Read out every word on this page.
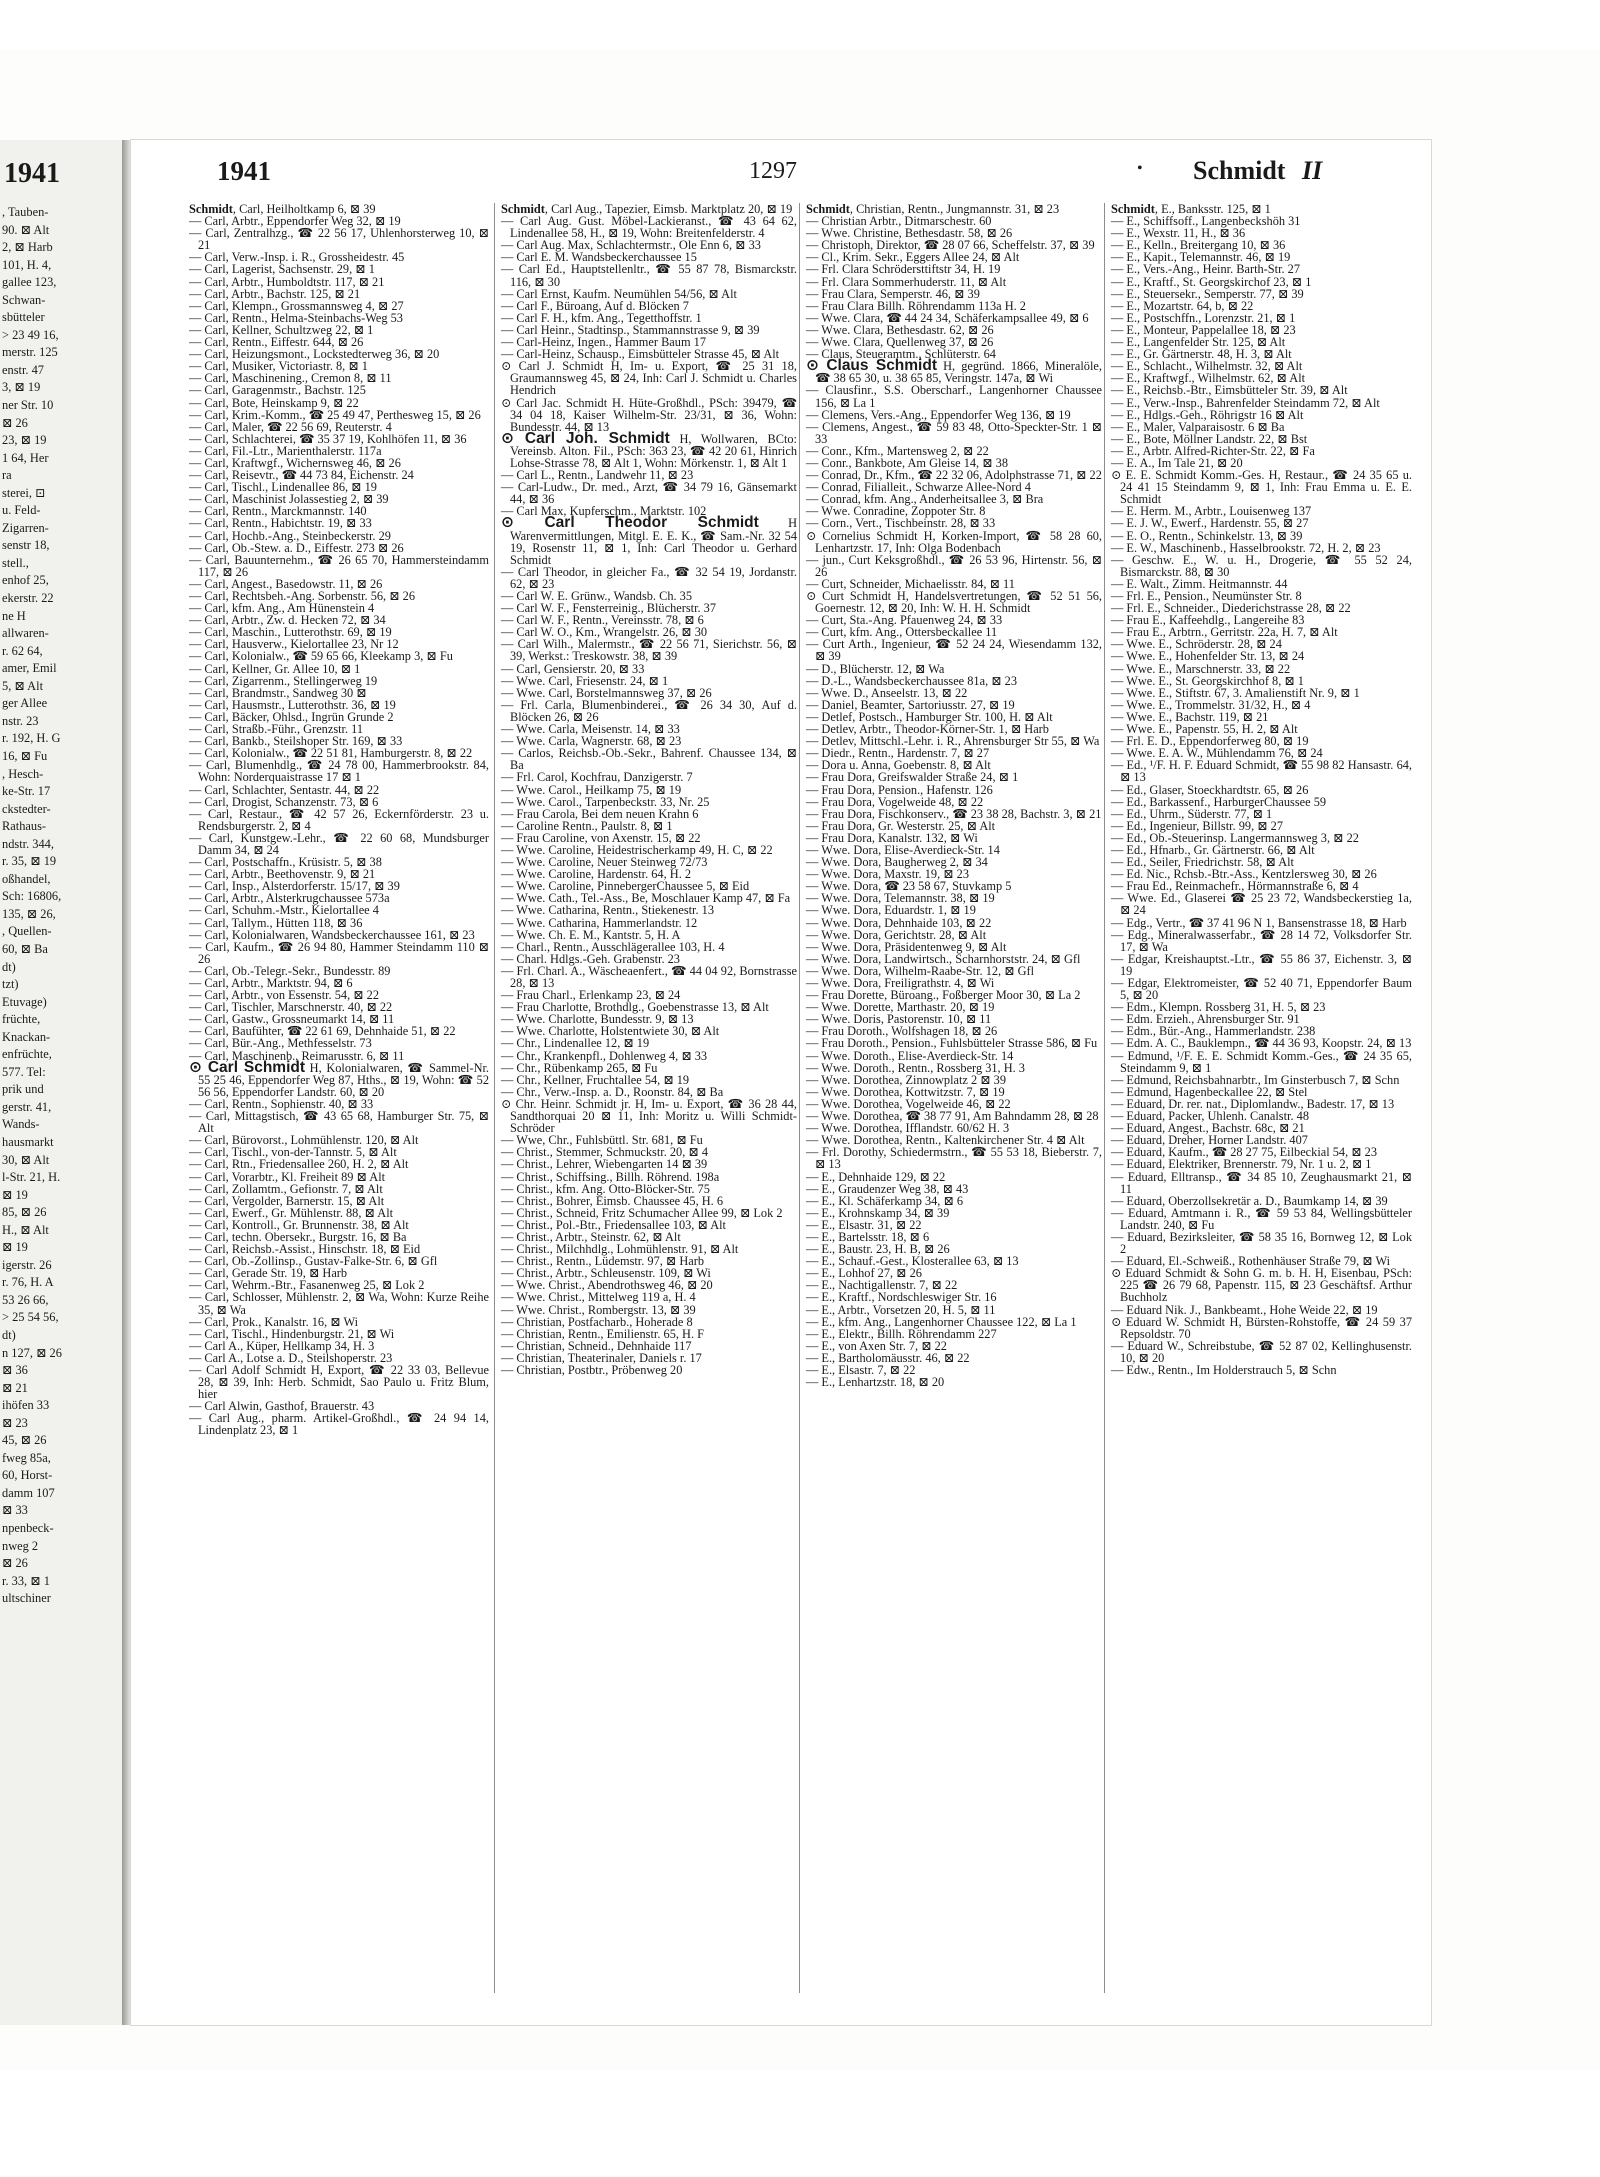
1941
, Tauben-
90. ⊠ Alt
2, ⊠ Harb
101, H. 4,
gallee 123,
Schwan-
sbütteler
> 23 49 16,
merstr. 125
enstr. 47
3, ⊠ 19
ner Str. 10
⊠ 26
23, ⊠ 19
1 64, Her
ra
sterei, ⊡
u. Feld-
Zigarren-
senstr 18,
stell.,
enhof 25,
ekerstr. 22
ne H
allwaren-
r. 62 64,
amer, Emil
5, ⊠ Alt
ger Allee
nstr. 23
r. 192, H. G
16, ⊠ Fu
, Hesch-
ke-Str. 17
ckstedter-
Rathaus-
ndstr. 344,
r. 35, ⊠ 19
oßhandel,
Sch: 16806,
135, ⊠ 26,
, Quellen-
60, ⊠ Ba
dt)
tzt)
Etuvage)
früchte,
Knackan-
enfrüchte,
577. Tel:
prik und
gerstr. 41,
Wands-
hausmarkt
30, ⊠ Alt
l-Str. 21, H.
⊠ 19
85, ⊠ 26
H., ⊠ Alt
⊠ 19
igerstr. 26
r. 76, H. A
53 26 66,
> 25 54 56,
dt)
n 127, ⊠ 26
⊠ 36
⊠ 21
ihöfen 33
⊠ 23
45, ⊠ 26
fweg 85a,
60, Horst-
damm 107
⊠ 33
npenbeck-
nweg 2
⊠ 26
r. 33, ⊠ 1
ultschiner
1941	1297	• Schmidt II

Schmidt, Carl, Heilholtkamp 6, ⊠ 39

— Carl, Arbtr., Eppendorfer Weg 32, ⊠ 19

— Carl, Zentralhzg., ☎ 22 56 17, Uhlenhorsterweg 10, ⊠ 21

— Carl, Verw.-Insp. i. R., Grossheidestr. 45

— Carl, Lagerist, Sachsenstr. 29, ⊠ 1

— Carl, Arbtr., Humboldtstr. 117, ⊠ 21

— Carl, Arbtr., Bachstr. 125, ⊠ 21

— Carl, Klempn., Grossmannsweg 4, ⊠ 27

— Carl, Rentn., Helma-Steinbachs-Weg 53

— Carl, Kellner, Schultzweg 22, ⊠ 1

— Carl, Rentn., Eiffestr. 644, ⊠ 26

— Carl, Heizungsmont., Lockstedterweg 36, ⊠ 20

— Carl, Musiker, Victoriastr. 8, ⊠ 1

— Carl, Maschinening., Cremon 8, ⊠ 11

— Carl, Garagenmstr., Bachstr. 125

— Carl, Bote, Heinskamp 9, ⊠ 22

— Carl, Krim.-Komm., ☎ 25 49 47, Perthesweg 15, ⊠ 26

— Carl, Maler, ☎ 22 56 69, Reuterstr. 4

— Carl, Schlachterei, ☎ 35 37 19, Kohlhöfen 11, ⊠ 36

— Carl, Fil.-Ltr., Marienthalerstr. 117a

— Carl, Kraftwgf., Wichernsweg 46, ⊠ 26

— Carl, Reisevtr., ☎ 44 73 84, Eichenstr. 24

— Carl, Tischl., Lindenallee 86, ⊠ 19

— Carl, Maschinist Jolassestieg 2, ⊠ 39

— Carl, Rentn., Marckmannstr. 140

— Carl, Rentn., Habichtstr. 19, ⊠ 33

— Carl, Hochb.-Ang., Steinbeckerstr. 29

— Carl, Ob.-Stew. a. D., Eiffestr. 273 ⊠ 26

— Carl, Bauunternehm., ☎ 26 65 70, Hammersteindamm 117, ⊠ 26

— Carl, Angest., Basedowstr. 11, ⊠ 26

— Carl, Rechtsbeh.-Ang. Sorbenstr. 56, ⊠ 26

— Carl, kfm. Ang., Am Hünenstein 4

— Carl, Arbtr., Zw. d. Hecken 72, ⊠ 34

— Carl, Maschin., Lutterothstr. 69, ⊠ 19

— Carl, Hausverw., Kielortallee 23, Nr 12

— Carl, Kolonialw., ☎ 59 65 66, Kleekamp 3, ⊠ Fu

— Carl, Kellner, Gr. Allee 10, ⊠ 1

— Carl, Zigarrenm., Stellingerweg 19

— Carl, Brandmstr., Sandweg 30 ⊠

— Carl, Hausmstr., Lutterothstr. 36, ⊠ 19

— Carl, Bäcker, Ohlsd., Ingrün Grunde 2

— Carl, Straßb.-Führ., Grenzstr. 11

— Carl, Bankb., Steilshoper Str. 169, ⊠ 33

— Carl, Kolonialw., ☎ 22 51 81, Hamburgerstr. 8, ⊠ 22

— Carl, Blumenhdlg., ☎ 24 78 00, Hammerbrookstr. 84, Wohn: Norderquaistrasse 17 ⊠ 1

— Carl, Schlachter, Sentastr. 44, ⊠ 22

— Carl, Drogist, Schanzenstr. 73, ⊠ 6

— Carl, Restaur., ☎ 42 57 26, Eckernförderstr. 23 u. Rendsburgerstr. 2, ⊠ 4

— Carl, Kunstgew.-Lehr., ☎ 22 60 68, Mundsburger Damm 34, ⊠ 24

— Carl, Postschaffn., Krüsistr. 5, ⊠ 38

— Carl, Arbtr., Beethovenstr. 9, ⊠ 21

— Carl, Insp., Alsterdorferstr. 15/17, ⊠ 39

— Carl, Arbtr., Alsterkrugchaussee 573a

— Carl, Schuhm.-Mstr., Kielortallee 4

— Carl, Tallym., Hütten 118, ⊠ 36

— Carl, Kolonialwaren, Wandsbeckerchaussee 161, ⊠ 23

— Carl, Kaufm., ☎ 26 94 80, Hammer Steindamm 110 ⊠ 26

— Carl, Ob.-Telegr.-Sekr., Bundesstr. 89

— Carl, Arbtr., Marktstr. 94, ⊠ 6

— Carl, Arbtr., von Essenstr. 54, ⊠ 22

— Carl, Tischler, Marschnerstr. 40, ⊠ 22

— Carl, Gastw., Grossneumarkt 14, ⊠ 11

— Carl, Baufühter, ☎ 22 61 69, Dehnhaide 51, ⊠ 22

— Carl, Bür.-Ang., Methfesselstr. 73

— Carl, Maschinenb., Reimarusstr. 6, ⊠ 11

⊙ Carl Schmidt H, Kolonialwaren, ☎ Sammel-Nr. 55 25 46, Eppendorfer Weg 87, Hths., ⊠ 19, Wohn: ☎ 52 56 56, Eppendorfer Landstr. 60, ⊠ 20

— Carl, Rentn., Sophienstr. 40, ⊠ 33

— Carl, Mittagstisch, ☎ 43 65 68, Hamburger Str. 75, ⊠ Alt

— Carl, Bürovorst., Lohmühlenstr. 120, ⊠ Alt

— Carl, Tischl., von-der-Tannstr. 5, ⊠ Alt

— Carl, Rtn., Friedensallee 260, H. 2, ⊠ Alt

— Carl, Vorarbtr., Kl. Freiheit 89 ⊠ Alt

— Carl, Zollamtm., Gefionstr. 7, ⊠ Alt

— Carl, Vergolder, Barnerstr. 15, ⊠ Alt

— Carl, Ewerf., Gr. Mühlenstr. 88, ⊠ Alt

— Carl, Kontroll., Gr. Brunnenstr. 38, ⊠ Alt

— Carl, techn. Obersekr., Burgstr. 16, ⊠ Ba

— Carl, Reichsb.-Assist., Hinschstr. 18, ⊠ Eid

— Carl, Ob.-Zollinsp., Gustav-Falke-Str. 6, ⊠ Gfl

— Carl, Gerade Str. 19, ⊠ Harb

— Carl, Wehrm.-Btr., Fasanenweg 25, ⊠ Lok 2

— Carl, Schlosser, Mühlenstr. 2, ⊠ Wa, Wohn: Kurze Reihe 35, ⊠ Wa

— Carl, Prok., Kanalstr. 16, ⊠ Wi

— Carl, Tischl., Hindenburgstr. 21, ⊠ Wi

— Carl A., Küper, Hellkamp 34, H. 3

— Carl A., Lotse a. D., Steilshoperstr. 23

— Carl Adolf Schmidt H, Export, ☎ 22 33 03, Bellevue 28, ⊠ 39, Inh: Herb. Schmidt, Sao Paulo u. Fritz Blum, hier

— Carl Alwin, Gasthof, Brauerstr. 43

— Carl Aug., pharm. Artikel-Großhdl., ☎ 24 94 14, Lindenplatz 23, ⊠ 1

Schmidt, Carl Aug., Tapezier, Eimsb. Marktplatz 20, ⊠ 19

— Carl Aug. Gust. Möbel-Lackieranst., ☎ 43 64 62, Lindenallee 58, H., ⊠ 19, Wohn: Breitenfelderstr. 4

— Carl Aug. Max, Schlachtermstr., Ole Enn 6, ⊠ 33

— Carl E. M. Wandsbeckerchaussee 15

— Carl Ed., Hauptstellenltr., ☎ 55 87 78, Bismarckstr. 116, ⊠ 30

— Carl Ernst, Kaufm. Neumühlen 54/56, ⊠ Alt

— Carl F., Büroang, Auf d. Blöcken 7

— Carl F. H., kfm. Ang., Tegetthoffstr. 1

— Carl Heinr., Stadtinsp., Stammannstrasse 9, ⊠ 39

— Carl-Heinz, Ingen., Hammer Baum 17

— Carl-Heinz, Schausp., Eimsbütteler Strasse 45, ⊠ Alt

⊙ Carl J. Schmidt H, Im- u. Export, ☎ 25 31 18, Graumannsweg 45, ⊠ 24, Inh: Carl J. Schmidt u. Charles Hendrich

⊙ Carl Jac. Schmidt H. Hüte-Großhdl., PSch: 39479, ☎ 34 04 18, Kaiser Wilhelm-Str. 23/31, ⊠ 36, Wohn: Bundesstr. 44, ⊠ 13

⊙ Carl Joh. Schmidt H, Wollwaren, BCto: Vereinsb. Alton. Fil., PSch: 363 23, ☎ 42 20 61, Hinrich Lohse-Strasse 78, ⊠ Alt 1, Wohn: Mörkenstr. 1, ⊠ Alt 1

— Carl L., Rentn., Landwehr 11, ⊠ 23

— Carl-Ludw., Dr. med., Arzt, ☎ 34 79 16, Gänsemarkt 44, ⊠ 36

— Carl Max, Kupferschm., Marktstr. 102

⊙ Carl Theodor Schmidt H Warenvermittlungen, Mitgl. E. E. K., ☎ Sam.-Nr. 32 54 19, Rosenstr 11, ⊠ 1, Inh: Carl Theodor u. Gerhard Schmidt

— Carl Theodor, in gleicher Fa., ☎ 32 54 19, Jordanstr. 62, ⊠ 23

— Carl W. E. Grünw., Wandsb. Ch. 35

— Carl W. F., Fensterreinig., Blücherstr. 37

— Carl W. F., Rentn., Vereinsstr. 78, ⊠ 6

— Carl W. O., Km., Wrangelstr. 26, ⊠ 30

— Carl Wilh., Malermstr., ☎ 22 56 71, Sierichstr. 56, ⊠ 39, Werkst.: Treskowstr. 38, ⊠ 39

— Carl, Gensierstr. 20, ⊠ 33

— Wwe. Carl, Friesenstr. 24, ⊠ 1

— Wwe. Carl, Borstelmannsweg 37, ⊠ 26

— Frl. Carla, Blumenbindereі., ☎ 26 34 30, Auf d. Blöcken 26, ⊠ 26

— Wwe. Carla, Meisenstr. 14, ⊠ 33

— Wwe. Carla, Wagnerstr. 68, ⊠ 23

— Carlos, Reichsb.-Ob.-Sekr., Bahrenf. Chaussee 134, ⊠ Ba

— Frl. Carol, Kochfrau, Danzigerstr. 7

— Wwe. Carol., Heilkamp 75, ⊠ 19

— Wwe. Carol., Tarpenbeckstr. 33, Nr. 25

— Frau Carola, Bei dem neuen Krahn 6

— Caroline Rentn., Paulstr. 8, ⊠ 1

— Frau Caroline, von Axenstr. 15, ⊠ 22

— Wwe. Caroline, Heidestrischerkamp 49, H. C, ⊠ 22

— Wwe. Caroline, Neuer Steinweg 72/73

— Wwe. Caroline, Hardenstr. 64, H. 2

— Wwe. Caroline, PinnebergerChaussee 5, ⊠ Eid

— Wwe. Cath., Tel.-Ass., Be, Moschlauer Kamp 47, ⊠ Fa

— Wwe. Catharina, Rentn., Stiekenestr. 13

— Wwe. Catharina, Hammerlandstr. 12

— Wwe. Ch. E. M., Kantstr. 5, H. A

— Charl., Rentn., Ausschlägerallee 103, H. 4

— Charl. Hdlgs.-Geh. Grabenstr. 23

— Frl. Charl. A., Wäscheaenfert., ☎ 44 04 92, Bornstrasse 28, ⊠ 13

— Frau Charl., Erlenkamp 23, ⊠ 24

— Frau Charlotte, Brothdlg., Goebenstrasse 13, ⊠ Alt

— Wwe. Charlotte, Bundesstr. 9, ⊠ 13

— Wwe. Charlotte, Holstentwiete 30, ⊠ Alt

— Chr., Lindenallee 12, ⊠ 19

— Chr., Krankenpfl., Dohlenweg 4, ⊠ 33

— Chr., Rübenkamp 265, ⊠ Fu

— Chr., Kellner, Fruchtallee 54, ⊠ 19

— Chr., Verw.-Insp. a. D., Roonstr. 84, ⊠ Ba

⊙ Chr. Heinr. Schmidt jr. H, Im- u. Export, ☎ 36 28 44, Sandthorquai 20 ⊠ 11, Inh: Moritz u. Willi Schmidt-Schröder

— Wwe, Chr., Fuhlsbüttl. Str. 681, ⊠ Fu

— Christ., Stemmer, Schmuckstr. 20, ⊠ 4

— Christ., Lehrer, Wiebengarten 14 ⊠ 39

— Christ., Schiffsing., Billh. Röhrend. 198a

— Christ., kfm. Ang. Otto-Blöcker-Str. 75

— Christ., Bohrer, Eimsb. Chaussee 45, H. 6

— Christ., Schneid, Fritz Schumacher Allee 99, ⊠ Lok 2

— Christ., Pol.-Btr., Friedensallee 103, ⊠ Alt

— Christ., Arbtr., Steinstr. 62, ⊠ Alt

— Christ., Milchhdlg., Lohmühlenstr. 91, ⊠ Alt

— Christ., Rentn., Lüdemstr. 97, ⊠ Harb

— Christ., Arbtr., Schleusenstr. 109, ⊠ Wi

— Wwe. Christ., Abendrothsweg 46, ⊠ 20

— Wwe. Christ., Mittelweg 119 a, H. 4

— Wwe. Christ., Rombergstr. 13, ⊠ 39

— Christian, Postfacharb., Hoherade 8

— Christian, Rentn., Emilienstr. 65, H. F

— Christian, Schneid., Dehnhaide 117

— Christian, Theaterinaler, Daniels r. 17

— Christian, Postbtr., Pröbenweg 20

Schmidt, Christian, Rentn., Jungmannstr. 31, ⊠ 23

— Christian Arbtr., Ditmarschestr. 60

— Wwe. Christine, Bethesdastr. 58, ⊠ 26

— Christoph, Direktor, ☎ 28 07 66, Scheffelstr. 37, ⊠ 39

— Cl., Krim. Sekr., Eggers Allee 24, ⊠ Alt

— Frl. Clara Schrödersttiftstr 34, H. 19

— Frl. Clara Sommerhuderstr. 11, ⊠ Alt

— Frau Clara, Semperstr. 46, ⊠ 39

— Frau Clara Billh. Röhrendamm 113a H. 2

— Wwe. Clara, ☎ 44 24 34, Schäferkampsallee 49, ⊠ 6

— Wwe. Clara, Bethesdastr. 62, ⊠ 26

— Wwe. Clara, Quellenweg 37, ⊠ 26

— Claus, Steueramtm., Schlüterstr. 64

⊙ Claus Schmidt H, gegründ. 1866, Mineralöle, ☎ 38 65 30, u. 38 65 85, Veringstr. 147a, ⊠ Wi

— Clausfinr., S.S. Oberscharf., Langenhorner Chaussee 156, ⊠ La 1

— Clemens, Vers.-Ang., Eppendorfer Weg 136, ⊠ 19

— Clemens, Angest., ☎ 59 83 48, Otto-Speckter-Str. 1 ⊠ 33

— Conr., Kfm., Martensweg 2, ⊠ 22

— Conr., Bankbote, Am Gleise 14, ⊠ 38

— Conrad, Dr., Kfm., ☎ 22 32 06, Adolphstrasse 71, ⊠ 22

— Conrad, Filialleit., Schwarze Allee-Nord 4

— Conrad, kfm. Ang., Anderheitsallee 3, ⊠ Bra

— Wwe. Conradine, Zoppoter Str. 8

— Corn., Vert., Tischbeinstr. 28, ⊠ 33

⊙ Cornelius Schmidt H, Korken-Import, ☎ 58 28 60, Lenhartzstr. 17, Inh: Olga Bodenbach

— jun., Curt Keksgroßhdl., ☎ 26 53 96, Hirtenstr. 56, ⊠ 26

— Curt, Schneider, Michaelisstr. 84, ⊠ 11

⊙ Curt Schmidt H, Handelsvertretungen, ☎ 52 51 56, Goernestr. 12, ⊠ 20, Inh: W. H. H. Schmidt

— Curt, Sta.-Ang. Pfauenweg 24, ⊠ 33

— Curt, kfm. Ang., Ottersbeckallee 11

— Curt Arth., Ingenieur, ☎ 52 24 24, Wiesendamm 132, ⊠ 39

— D., Blücherstr. 12, ⊠ Wa

— D.-L., Wandsbeckerchaussee 81a, ⊠ 23

— Wwe. D., Anseelstr. 13, ⊠ 22

— Daniel, Beamter, Sartoriusstr. 27, ⊠ 19

— Detlef, Postsch., Hamburger Str. 100, H. ⊠ Alt

— Detlev, Arbtr., Theodor-Körner-Str. 1, ⊠ Harb

— Detlev, Mittschl.-Lehr. i. R., Ahrensburger Str 55, ⊠ Wa

— Diedr., Rentn., Hardenstr. 7, ⊠ 27

— Dora u. Anna, Goebenstr. 8, ⊠ Alt

— Frau Dora, Greifswalder Straße 24, ⊠ 1

— Frau Dora, Pension., Hafenstr. 126

— Frau Dora, Vogelweide 48, ⊠ 22

— Frau Dora, Fischkonserv., ☎ 23 38 28, Bachstr. 3, ⊠ 21

— Frau Dora, Gr. Westerstr. 25, ⊠ Alt

— Frau Dora, Kanalstr. 132, ⊠ Wi

— Wwe. Dora, Elise-Averdieck-Str. 14

— Wwe. Dora, Baugherweg 2, ⊠ 34

— Wwe. Dora, Maxstr. 19, ⊠ 23

— Wwe. Dora, ☎ 23 58 67, Stuvkamp 5

— Wwe. Dora, Telemannstr. 38, ⊠ 19

— Wwe. Dora, Eduardstr. 1, ⊠ 19

— Wwe. Dora, Dehnhaide 103, ⊠ 22

— Wwe. Dora, Gerichtstr. 28, ⊠ Alt

— Wwe. Dora, Präsidentenweg 9, ⊠ Alt

— Wwe. Dora, Landwirtsch., Scharnhorststr. 24, ⊠ Gfl

— Wwe. Dora, Wilhelm-Raabe-Str. 12, ⊠ Gfl

— Wwe. Dora, Freiligrathstr. 4, ⊠ Wi

— Frau Dorette, Büroang., Foßberger Moor 30, ⊠ La 2

— Wwe. Dorette, Marthastr. 20, ⊠ 19

— Wwe. Doris, Pastorenstr. 10, ⊠ 11

— Frau Doroth., Wolfshagen 18, ⊠ 26

— Frau Doroth., Pension., Fuhlsbütteler Strasse 586, ⊠ Fu

— Wwe. Doroth., Elise-Averdieck-Str. 14

— Wwe. Doroth., Rentn., Rossberg 31, H. 3

— Wwe. Dorothea, Zinnowplatz 2 ⊠ 39

— Wwe. Dorothea, Kottwitzstr. 7, ⊠ 19

— Wwe. Dorothea, Vogelweide 46, ⊠ 22

— Wwe. Dorothea, ☎ 38 77 91, Am Bahndamm 28, ⊠ 28

— Wwe. Dorothea, Ifflandstr. 60/62 H. 3

— Wwe. Dorothea, Rentn., Kaltenkirchener Str. 4 ⊠ Alt

— Frl. Dorothy, Schiedermstrn., ☎ 55 53 18, Bieberstr. 7, ⊠ 13

— E., Dehnhaide 129, ⊠ 22

— E., Graudenzer Weg 38, ⊠ 43

— E., Kl. Schäferkamp 34, ⊠ 6

— E., Krohnskamp 34, ⊠ 39

— E., Elsastr. 31, ⊠ 22

— E., Bartelsstr. 18, ⊠ 6

— E., Baustr. 23, H. B, ⊠ 26

— E., Schauf.-Gest., Klosterallee 63, ⊠ 13

— E., Lohhof 27, ⊠ 26

— E., Nachtigallenstr. 7, ⊠ 22

— E., Kraftf., Nordschleswiger Str. 16

— E., Arbtr., Vorsetzen 20, H. 5, ⊠ 11

— E., kfm. Ang., Langenhorner Chaussee 122, ⊠ La 1

— E., Elektr., Billh. Röhrendamm 227

— E., von Axen Str. 7, ⊠ 22

— E., Bartholomäusstr. 46, ⊠ 22

— E., Elsastr. 7, ⊠ 22

— E., Lenhartzstr. 18, ⊠ 20

Schmidt, E., Banksstr. 125, ⊠ 1

— E., Schiffsoff., Langenbeckshöh 31

— E., Wexstr. 11, H., ⊠ 36

— E., Kelln., Breitergang 10, ⊠ 36

— E., Kapit., Telemannstr. 46, ⊠ 19

— E., Vers.-Ang., Heinr. Barth-Str. 27

— E., Kraftf., St. Georgskirchof 23, ⊠ 1

— E., Steuersekr., Semperstr. 77, ⊠ 39

— E., Mozartstr. 64, b, ⊠ 22

— E., Postschffn., Lorenzstr. 21, ⊠ 1

— E., Monteur, Pappelallee 18, ⊠ 23

— E., Langenfelder Str. 125, ⊠ Alt

— E., Gr. Gärtnerstr. 48, H. 3, ⊠ Alt

— E., Schlacht., Wilhelmstr. 32, ⊠ Alt

— E., Kraftwgf., Wilhelmstr. 62, ⊠ Alt

— E., Reichsb.-Btr., Eimsbütteler Str. 39, ⊠ Alt

— E., Verw.-Insp., Bahrenfelder Steindamm 72, ⊠ Alt

— E., Hdlgs.-Geh., Röhrigstr 16 ⊠ Alt

— E., Maler, Valparaisostr. 6 ⊠ Ba

— E., Bote, Möllner Landstr. 22, ⊠ Bst

— E., Arbtr. Alfred-Richter-Str. 22, ⊠ Fa

— E. A., Im Tale 21, ⊠ 20

⊙ E. E. Schmidt Komm.-Ges. H, Restaur., ☎ 24 35 65 u. 24 41 15 Steindamm 9, ⊠ 1, Inh: Frau Emma u. E. E. Schmidt

— E. Herm. M., Arbtr., Louisenweg 137

— E. J. W., Ewerf., Hardenstr. 55, ⊠ 27

— E. O., Rentn., Schinkelstr. 13, ⊠ 39

— E. W., Maschinenb., Hasselbrookstr. 72, H. 2, ⊠ 23

— Geschw. E., W. u. H., Drogerie, ☎ 55 52 24, Bismarckstr. 88, ⊠ 30

— E. Walt., Zimm. Heitmannstr. 44

— Frl. E., Pension., Neumünster Str. 8

— Frl. E., Schneider., Diederichstrasse 28, ⊠ 22

— Frau E., Kaffeehdlg., Langereihe 83

— Frau E., Arbtrn., Gerritstr. 22a, H. 7, ⊠ Alt

— Wwe. E., Schröderstr. 28, ⊠ 24

— Wwe. E., Hohenfelder Str. 13, ⊠ 24

— Wwe. E., Marschnerstr. 33, ⊠ 22

— Wwe. E., St. Georgskirchhof 8, ⊠ 1

— Wwe. E., Stiftstr. 67, 3. Amalienstift Nr. 9, ⊠ 1

— Wwe. E., Trommelstr. 31/32, H., ⊠ 4

— Wwe. E., Bachstr. 119, ⊠ 21

— Wwe. E., Papenstr. 55, H. 2, ⊠ Alt

— Frl. E. D., Eppendorferweg 80, ⊠ 19

— Wwe. E. A. W., Mühlendamm 76, ⊠ 24

— Ed., ¹/F. H. F. Eduard Schmidt, ☎ 55 98 82 Hansastr. 64, ⊠ 13

— Ed., Glaser, Stoeckhardtstr. 65, ⊠ 26

— Ed., Barkassenf., HarburgerChaussee 59

— Ed., Uhrm., Süderstr. 77, ⊠ 1

— Ed., Ingenieur, Billstr. 99, ⊠ 27

— Ed., Ob.-Steuerinsp. Langermannsweg 3, ⊠ 22

— Ed., Hfnarb., Gr. Gärtnerstr. 66, ⊠ Alt

— Ed., Seiler, Friedrichstr. 58, ⊠ Alt

— Ed. Nic., Rchsb.-Btr.-Ass., Kentzlersweg 30, ⊠ 26

— Frau Ed., Reinmachefr., Hörmannstraße 6, ⊠ 4

— Wwe. Ed., Glaserei ☎ 25 23 72, Wandsbeckerstieg 1a, ⊠ 24

— Edg., Vertr., ☎ 37 41 96 N 1, Bansenstrasse 18, ⊠ Harb

— Edg., Mineralwasserfabr., ☎ 28 14 72, Volksdorfer Str. 17, ⊠ Wa

— Edgar, Kreishauptst.-Ltr., ☎ 55 86 37, Eichenstr. 3, ⊠ 19

— Edgar, Elektromeister, ☎ 52 40 71, Eppendorfer Baum 5, ⊠ 20

— Edm., Klempn. Rossberg 31, H. 5, ⊠ 23

— Edm. Erzieh., Ahrensburger Str. 91

— Edm., Bür.-Ang., Hammerlandstr. 238

— Edm. A. C., Bauklempn., ☎ 44 36 93, Koopstr. 24, ⊠ 13

— Edmund, ¹/F. E. E. Schmidt Komm.-Ges., ☎ 24 35 65, Steindamm 9, ⊠ 1

— Edmund, Reichsbahnarbtr., Im Ginsterbusch 7, ⊠ Schn

— Edmund, Hagenbeckallee 22, ⊠ Stel

— Eduard, Dr. rer. nat., Diplomlandw., Badestr. 17, ⊠ 13

— Eduard, Packer, Uhlenh. Canalstr. 48

— Eduard, Angest., Bachstr. 68c, ⊠ 21

— Eduard, Dreher, Horner Landstr. 407

— Eduard, Kaufm., ☎ 28 27 75, Eilbeckial 54, ⊠ 23

— Eduard, Elektriker, Brennerstr. 79, Nr. 1 u. 2, ⊠ 1

— Eduard, Elltransp., ☎ 34 85 10, Zeughausmarkt 21, ⊠ 11

— Eduard, Oberzollsekretär a. D., Baumkamp 14, ⊠ 39

— Eduard, Amtmann i. R., ☎ 59 53 84, Wellingsbütteler Landstr. 240, ⊠ Fu

— Eduard, Bezirksleiter, ☎ 58 35 16, Bornweg 12, ⊠ Lok 2

— Eduard, El.-Schweiß., Rothenhäuser Straße 79, ⊠ Wi

⊙ Eduard Schmidt & Sohn G. m. b. H. H, Eisenbau, PSch: 225 ☎ 26 79 68, Papenstr. 115, ⊠ 23 Geschäftsf. Arthur Buchholz

— Eduard Nik. J., Bankbeamt., Hohe Weide 22, ⊠ 19

⊙ Eduard W. Schmidt H, Bürsten-Rohstoffe, ☎ 24 59 37 Repsoldstr. 70

— Eduard W., Schreibstube, ☎ 52 87 02, Kellinghusenstr. 10, ⊠ 20

— Edw., Rentn., Im Holderstrauch 5, ⊠ Schn
